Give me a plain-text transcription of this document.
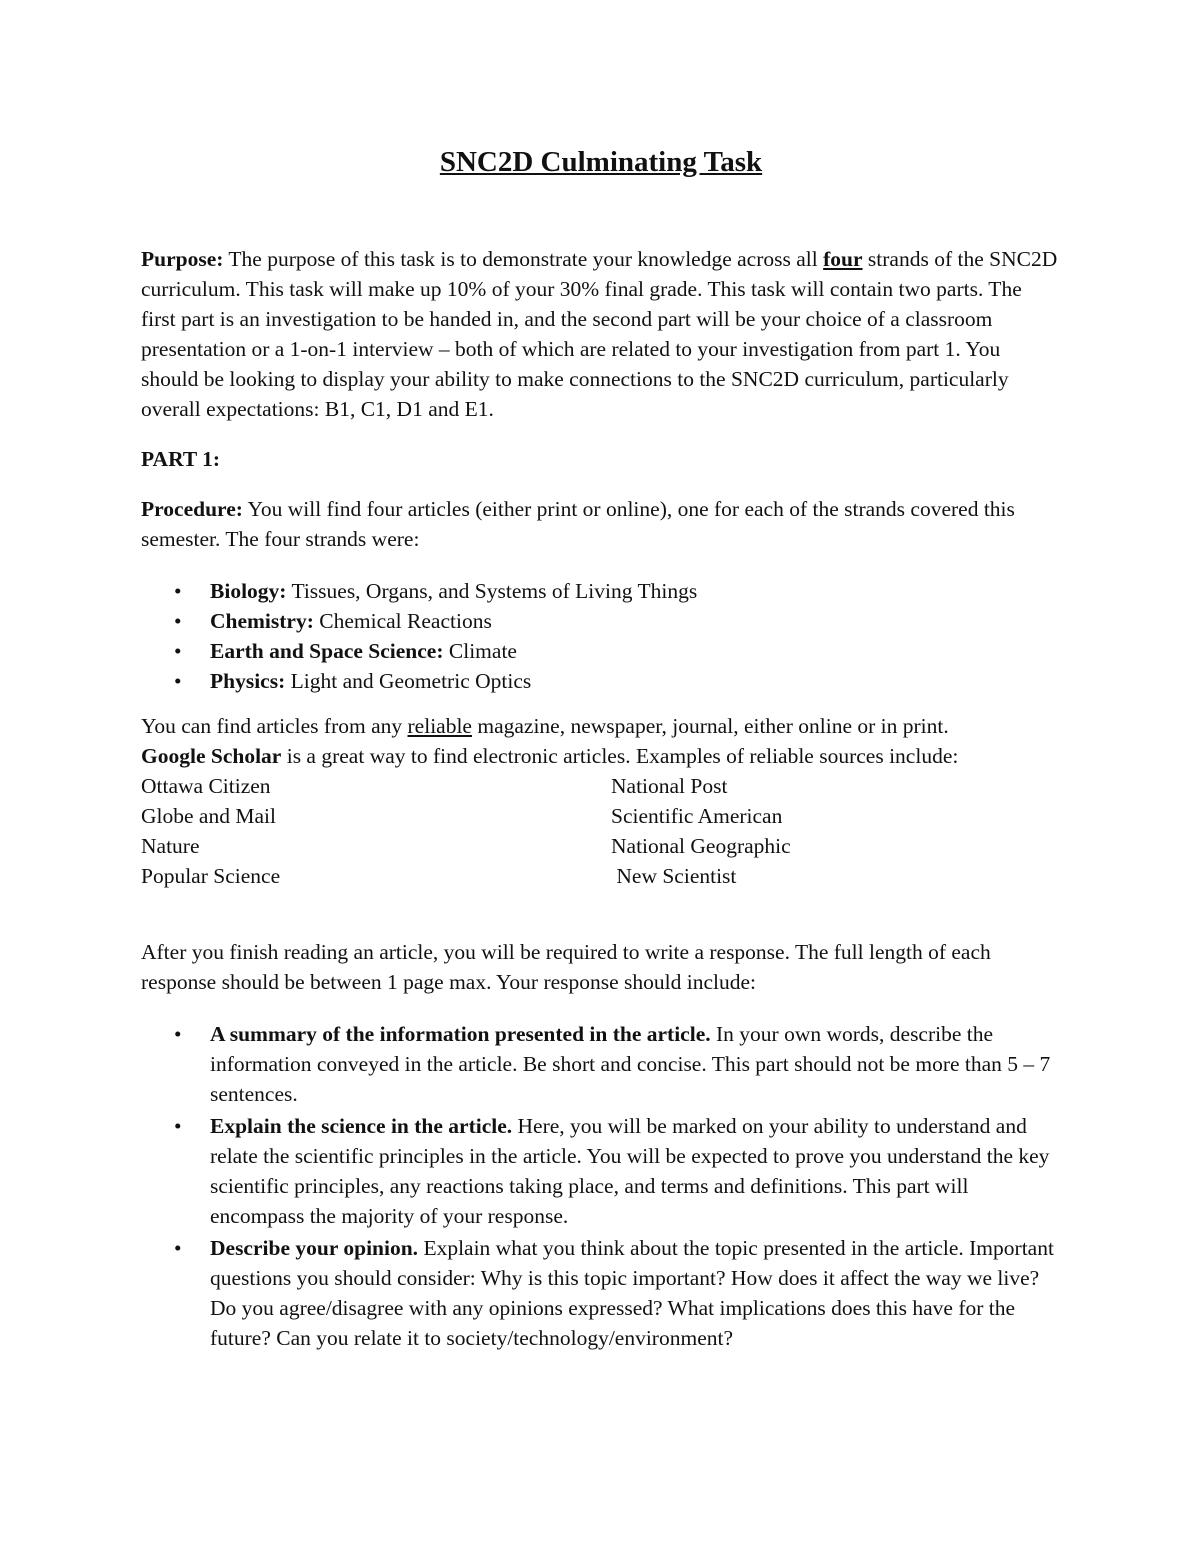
SNC2D Culminating Task

Purpose: The purpose of this task is to demonstrate your knowledge across all four strands of the SNC2D curriculum. This task will make up 10% of your 30% final grade. This task will contain two parts. The first part is an investigation to be handed in, and the second part will be your choice of a classroom presentation or a 1-on-1 interview – both of which are related to your investigation from part 1. You should be looking to display your ability to make connections to the SNC2D curriculum, particularly overall expectations: B1, C1, D1 and E1.

PART 1:

Procedure: You will find four articles (either print or online), one for each of the strands covered this semester. The four strands were:

• Biology: Tissues, Organs, and Systems of Living Things
• Chemistry: Chemical Reactions
• Earth and Space Science: Climate
• Physics: Light and Geometric Optics

You can find articles from any reliable magazine, newspaper, journal, either online or in print.
Google Scholar is a great way to find electronic articles. Examples of reliable sources include:

Ottawa Citizen	National Post
Globe and Mail	Scientific American
Nature	National Geographic
Popular Science	New Scientist

After you finish reading an article, you will be required to write a response. The full length of each response should be between 1 page max. Your response should include:

• A summary of the information presented in the article. In your own words, describe the information conveyed in the article. Be short and concise. This part should not be more than 5 – 7 sentences.
• Explain the science in the article. Here, you will be marked on your ability to understand and relate the scientific principles in the article. You will be expected to prove you understand the key scientific principles, any reactions taking place, and terms and definitions. This part will encompass the majority of your response.
• Describe your opinion. Explain what you think about the topic presented in the article. Important questions you should consider: Why is this topic important? How does it affect the way we live? Do you agree/disagree with any opinions expressed? What implications does this have for the future? Can you relate it to society/technology/environment?
